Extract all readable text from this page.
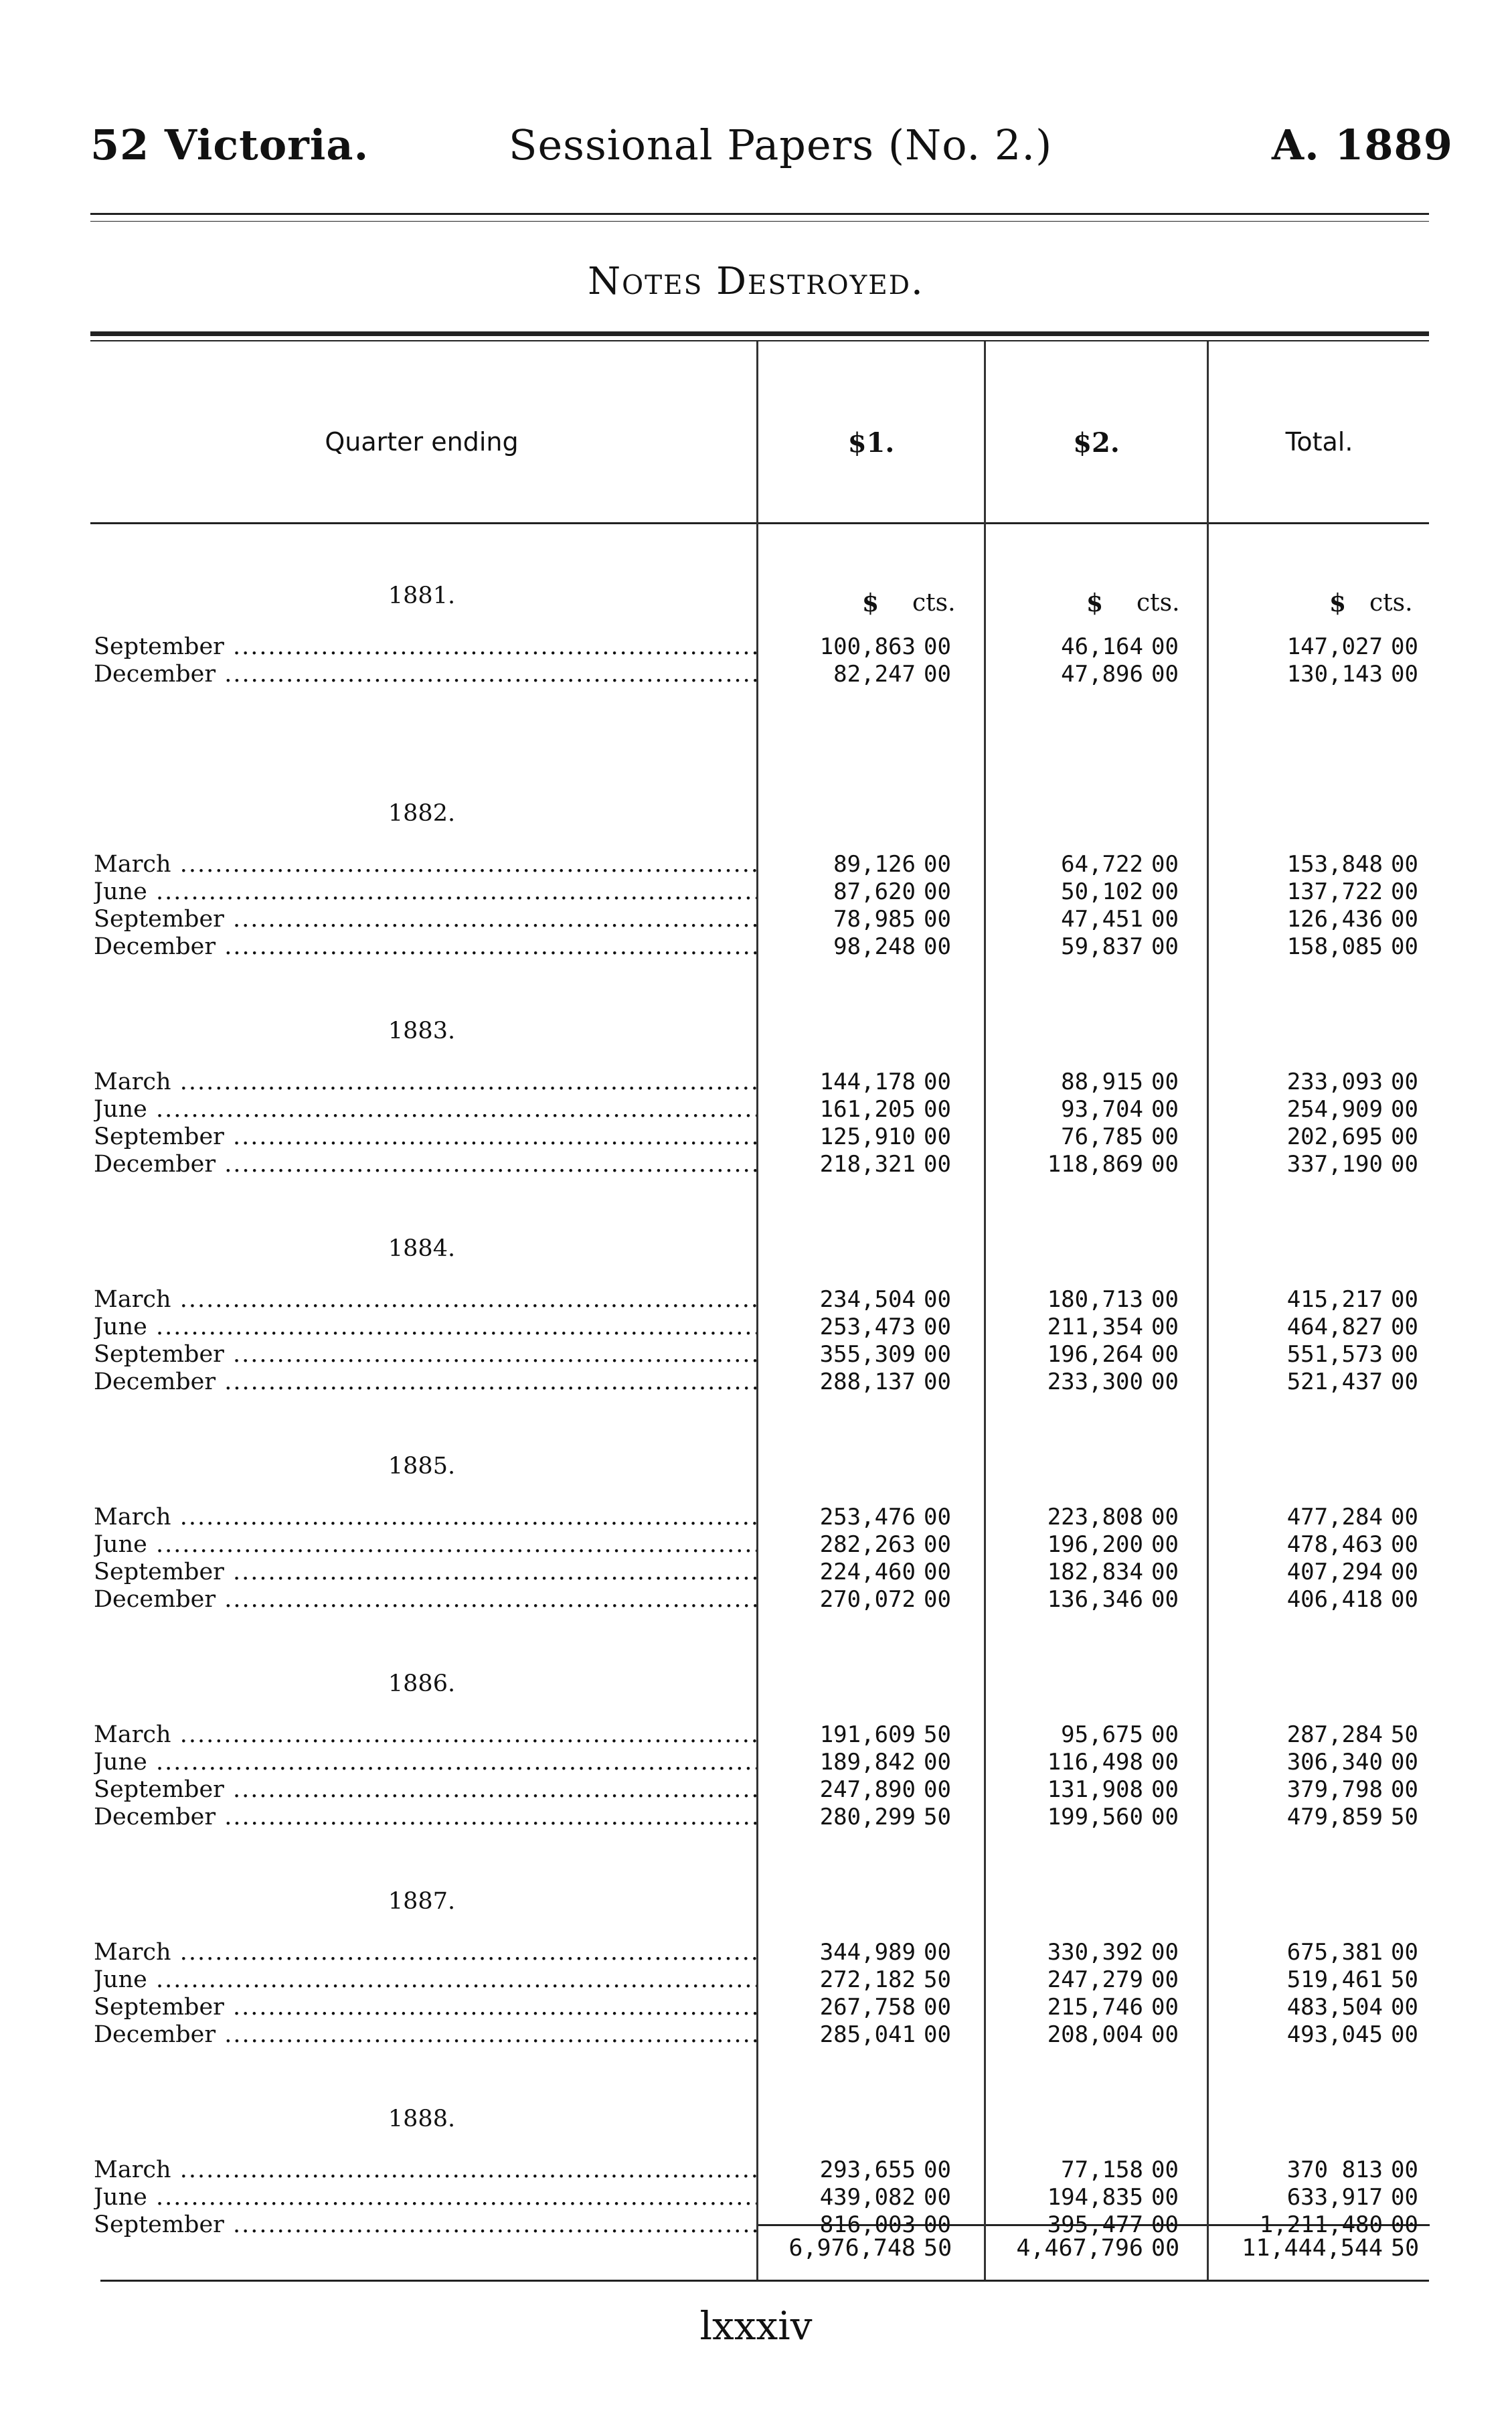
52 Victoria.	Sessional Papers (No. 2.)	A. 1889
Notes Destroyed.
Quarter ending	$1.	$2.	Total.
$ cts.	$ cts.	$ cts.
1881.
September .....	100,863 00	46,164 00	147,027 00
December .....	82,247 00	47,896 00	130,143 00
1882.
March .....	89,126 00	64,722 00	153,848 00
June .....	87,620 00	50,102 00	137,722 00
September .....	78,985 00	47,451 00	126,436 00
December .....	98,248 00	59,837 00	158,085 00
1883.
March .....	144,178 00	88,915 00	233,093 00
June .....	161,205 00	93,704 00	254,909 00
September .....	125,910 00	76,785 00	202,695 00
December .....	218,321 00	118,869 00	337,190 00
1884.
March .....	234,504 00	180,713 00	415,217 00
June .....	253,473 00	211,354 00	464,827 00
September .....	355,309 00	196,264 00	551,573 00
December .....	288,137 00	233,300 00	521,437 00
1885.
March .....	253,476 00	223,808 00	477,284 00
June .....	282,263 00	196,200 00	478,463 00
September .....	224,460 00	182,834 00	407,294 00
December .....	270,072 00	136,346 00	406,418 00
1886.
March .....	191,609 50	95,675 00	287,284 50
June .....	189,842 00	116,498 00	306,340 00
September .....	247,890 00	131,908 00	379,798 00
December .....	280,299 50	199,560 00	479,859 50
1887.
March .....	344,989 00	330,392 00	675,381 00
June .....	272,182 50	247,279 00	519,461 50
September .....	267,758 00	215,746 00	483,504 00
December .....	285,041 00	208,004 00	493,045 00
1888.
March .....	293,655 00	77,158 00	370 813 00
June .....	439,082 00	194,835 00	633,917 00
September .....	816,003 00	395,477 00	1,211,480 00
6,976,748 50	4,467,796 00	11,444,544 50
lxxxiv
